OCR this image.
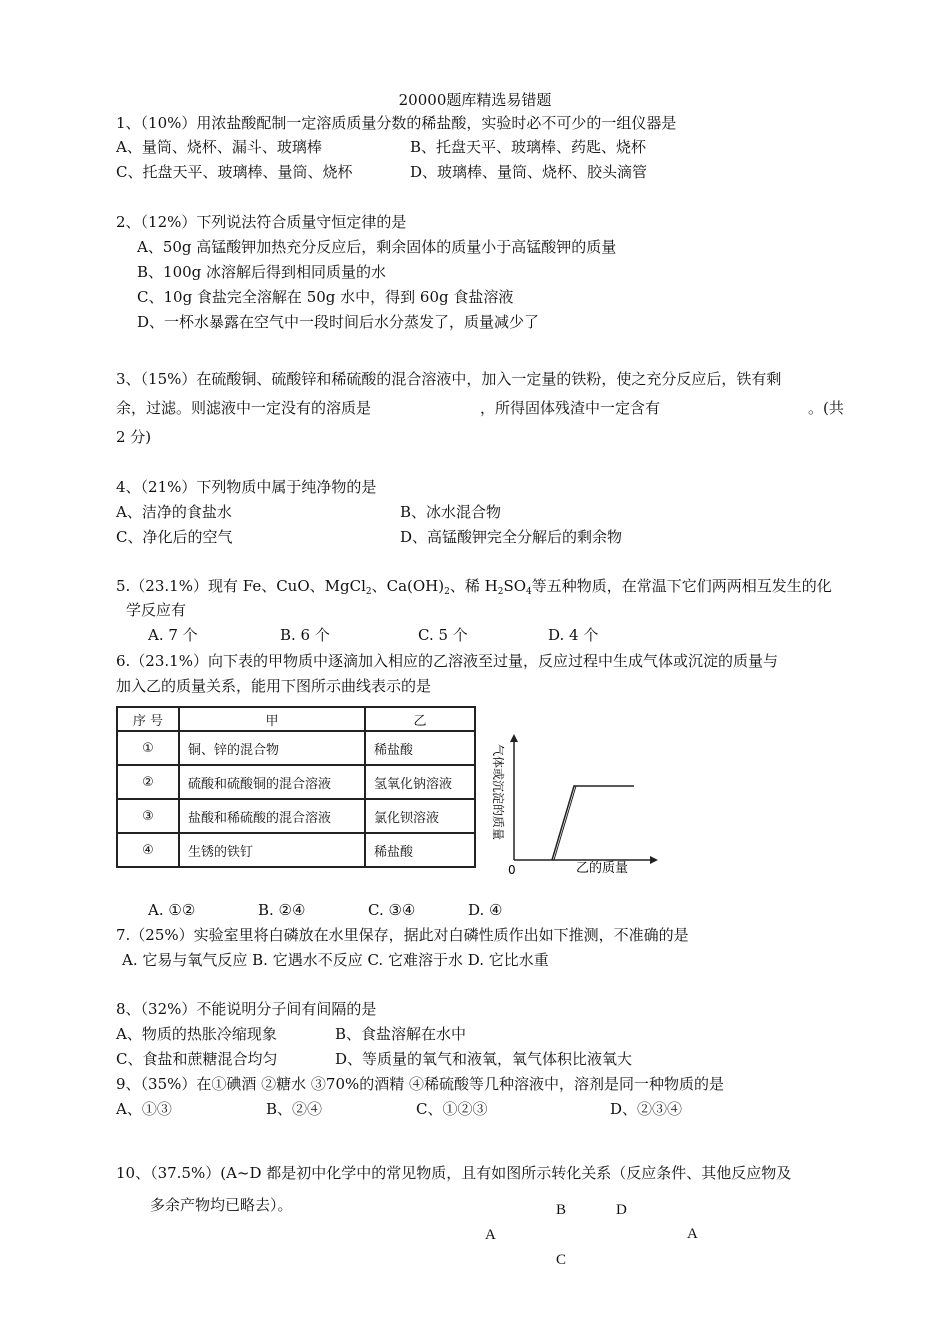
20000题库精选易错题
1、（10%）用浓盐酸配制一定溶质质量分数的稀盐酸，实验时必不可少的一组仪器是
A、量筒、烧杯、漏斗、玻璃棒	B、托盘天平、玻璃棒、药匙、烧杯
C、托盘天平、玻璃棒、量筒、烧杯	D、玻璃棒、量筒、烧杯、胶头滴管
2、（12%）下列说法符合质量守恒定律的是
A、50g 高锰酸钾加热充分反应后，剩余固体的质量小于高锰酸钾的质量
B、100g 冰溶解后得到相同质量的水
C、10g 食盐完全溶解在 50g 水中，得到 60g 食盐溶液
D、一杯水暴露在空气中一段时间后水分蒸发了，质量减少了
3、（15%）在硫酸铜、硫酸锌和稀硫酸的混合溶液中，加入一定量的铁粉，使之充分反应后，铁有剩
余，过滤。则滤液中一定没有的溶质是	，所得固体残渣中一定含有	。(共
2 分)
4、（21%）下列物质中属于纯净物的是
A、洁净的食盐水	B、冰水混合物
C、净化后的空气	D、高锰酸钾完全分解后的剩余物
5.（23.1%）现有 Fe、CuO、MgCl$_2$、$Ca(OH)_2$、稀 $H_2SO_4$等五种物质，在常温下它们两两相互发生的化
学反应有
A. 7 个	B. 6 个	C. 5 个	D. 4 个
6.（23.1%）向下表的甲物质中逐滴加入相应的乙溶液至过量，反应过程中生成气体或沉淀的质量与
加入乙的质量关系，能用下图所示曲线表示的是
序 号	甲	乙
①	铜、锌的混合物	稀盐酸
②	硫酸和硫酸铜的混合溶液	氢氧化钠溶液
③	盐酸和稀硫酸的混合溶液	氯化钡溶液
④	生锈的铁钉	稀盐酸
0	乙的质量
气体或沉淀的质量
A. ①②	B. ②④	C. ③④	D. ④
7.（25%）实验室里将白磷放在水里保存，据此对白磷性质作出如下推测，不准确的是
A. 它易与氧气反应 B. 它遇水不反应 C. 它难溶于水 D. 它比水重
8、（32%）不能说明分子间有间隔的是
A、物质的热胀冷缩现象	B、食盐溶解在水中
C、食盐和蔗糖混合均匀	D、等质量的氧气和液氧，氧气体积比液氧大
9、（35%）在①碘酒 ②糖水 ③70%的酒精 ④稀硫酸等几种溶液中，溶剂是同一种物质的是
A、①③	B、②④	C、①②③	D、②③④
10、（37.5%）(A~D 都是初中化学中的常见物质，且有如图所示转化关系（反应条件、其他反应物及
多余产物均已略去）。	B	D
A	A
C
